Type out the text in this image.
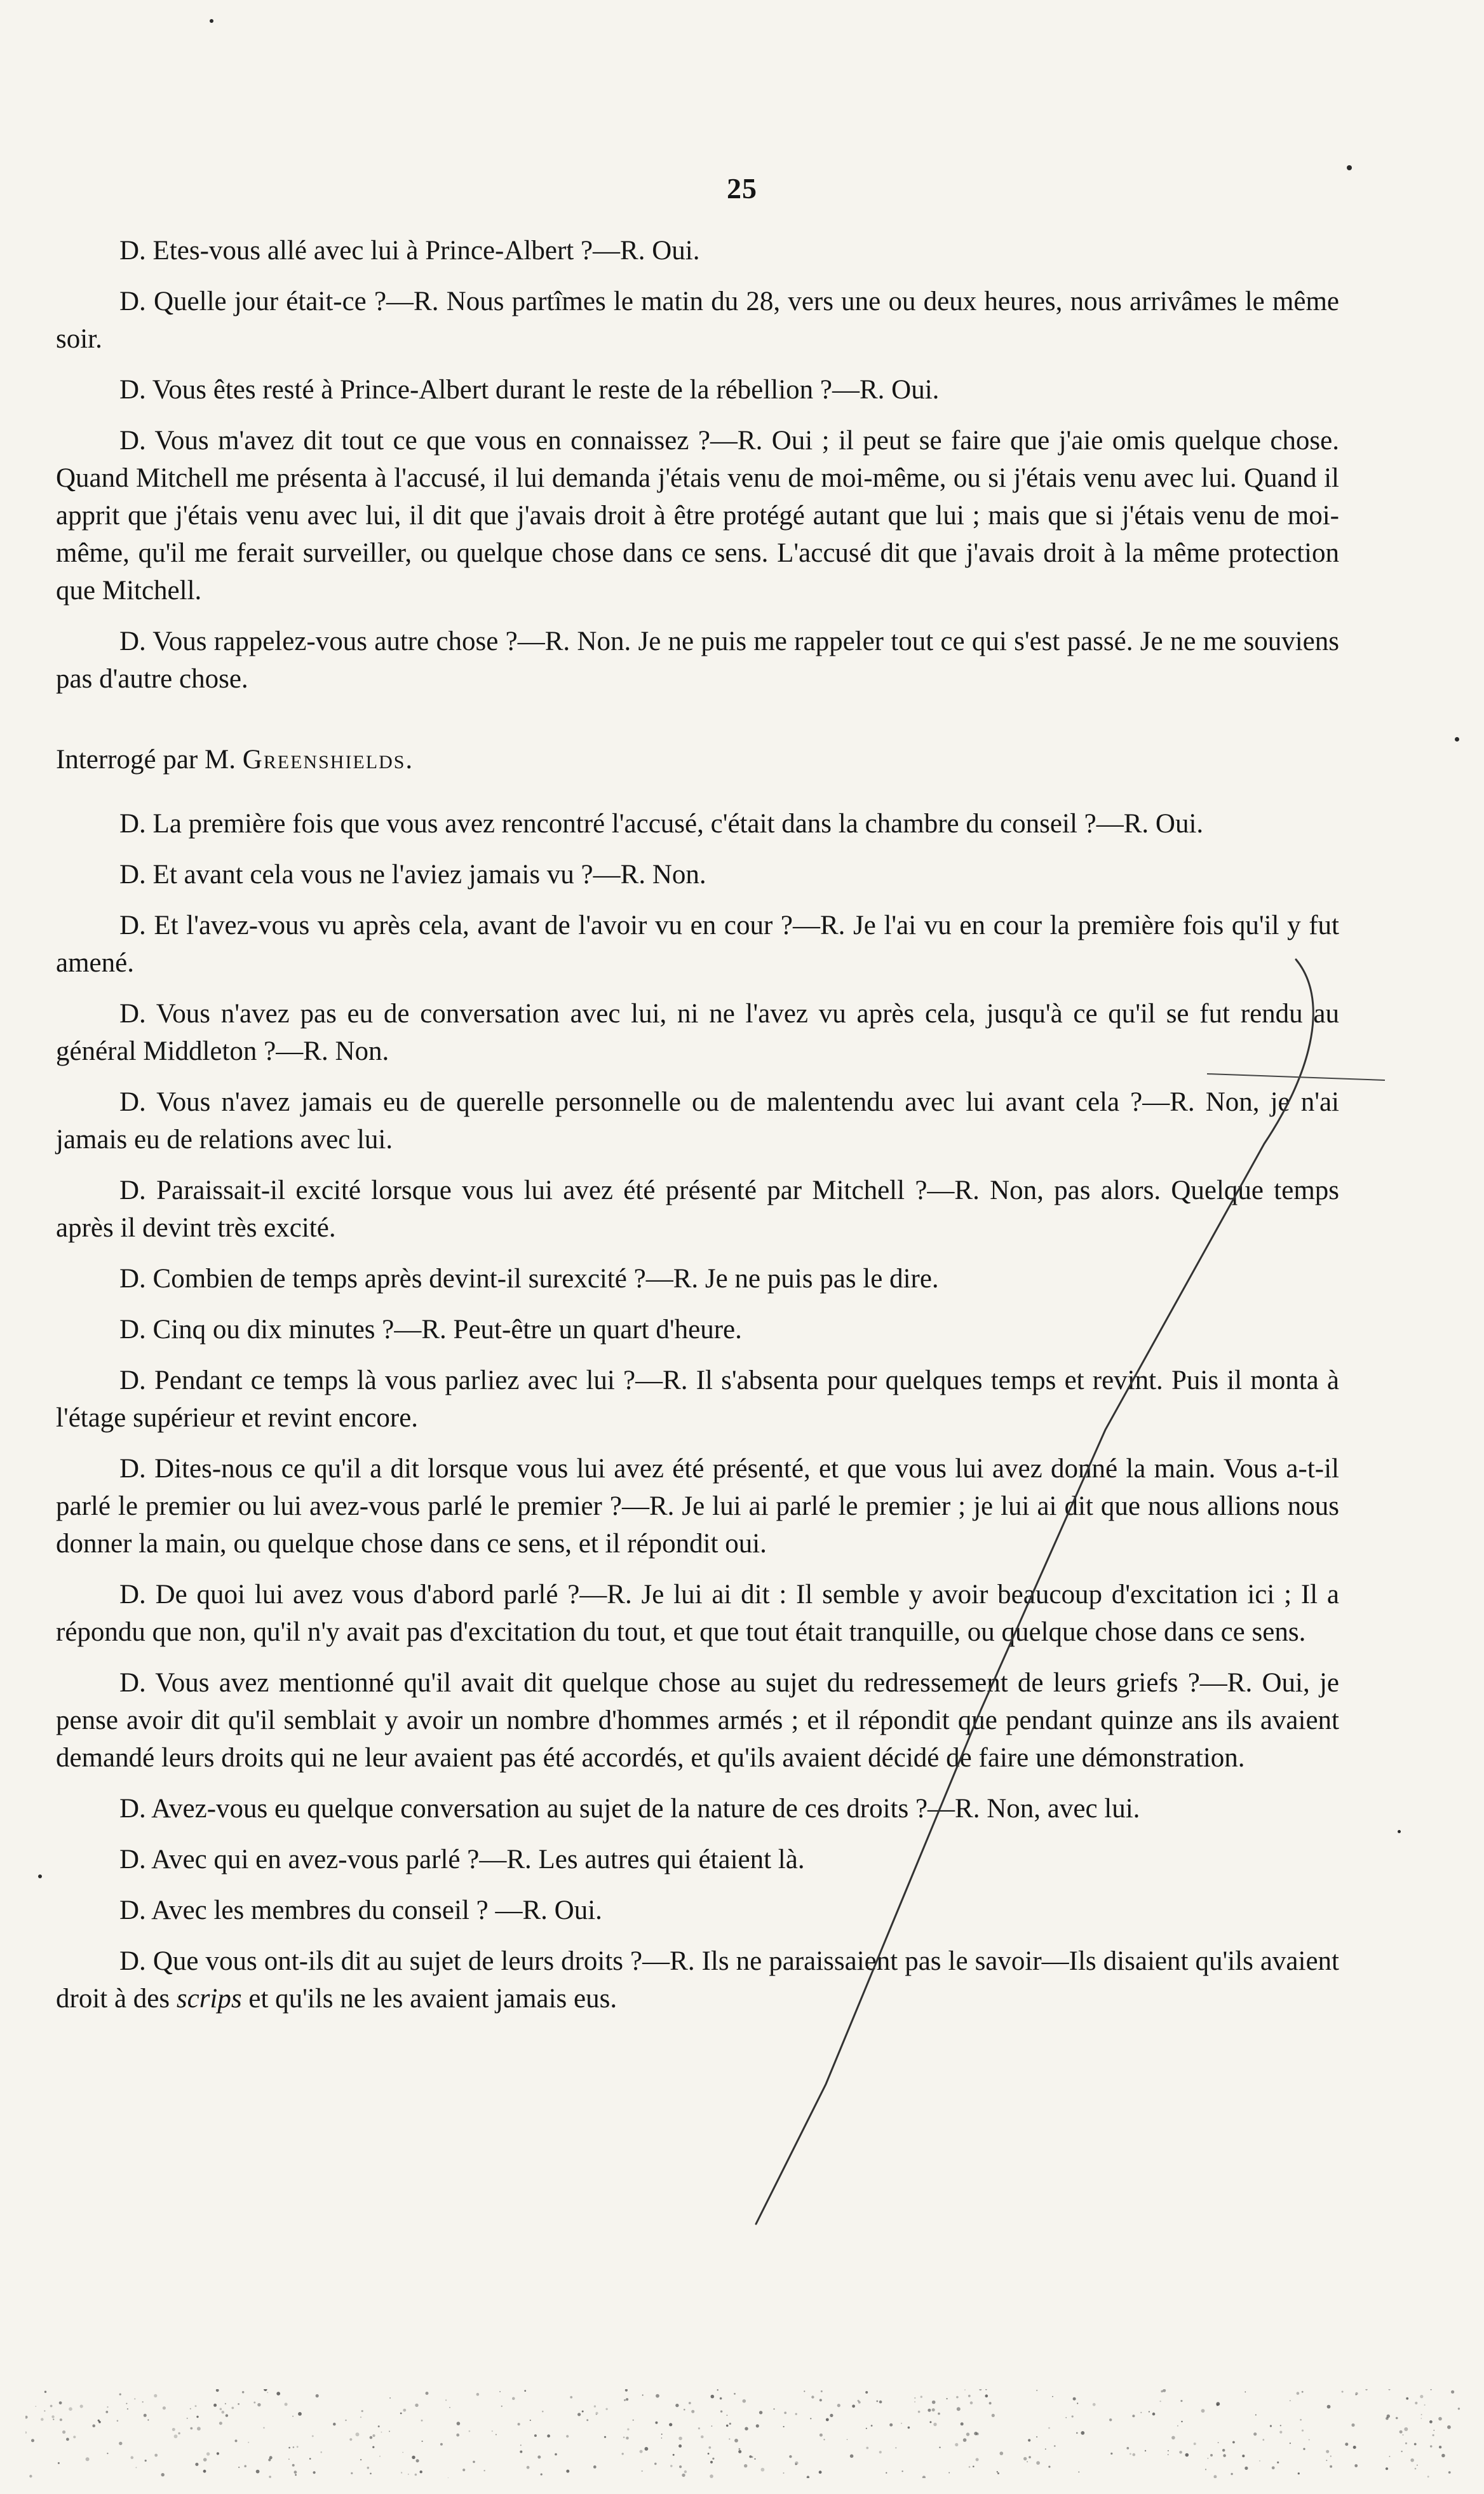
25

D. Etes-vous allé avec lui à Prince-Albert ?—R. Oui.

D. Quelle jour était-ce ?—R. Nous partîmes le matin du 28, vers une ou deux heures, nous arrivâmes le même soir.

D. Vous êtes resté à Prince-Albert durant le reste de la rébellion ?—R. Oui.

D. Vous m'avez dit tout ce que vous en connaissez ?—R. Oui ; il peut se faire que j'aie omis quelque chose. Quand Mitchell me présenta à l'accusé, il lui demanda j'étais venu de moi-même, ou si j'étais venu avec lui. Quand il apprit que j'étais venu avec lui, il dit que j'avais droit à être protégé autant que lui ; mais que si j'étais venu de moi-même, qu'il me ferait surveiller, ou quelque chose dans ce sens. L'accusé dit que j'avais droit à la même protection que Mitchell.

D. Vous rappelez-vous autre chose ?—R. Non. Je ne puis me rappeler tout ce qui s'est passé. Je ne me souviens pas d'autre chose.

Interrogé par M. Greenshields.

D. La première fois que vous avez rencontré l'accusé, c'était dans la chambre du conseil ?—R. Oui.

D. Et avant cela vous ne l'aviez jamais vu ?—R. Non.

D. Et l'avez-vous vu après cela, avant de l'avoir vu en cour ?—R. Je l'ai vu en cour la première fois qu'il y fut amené.

D. Vous n'avez pas eu de conversation avec lui, ni ne l'avez vu après cela, jusqu'à ce qu'il se fut rendu au général Middleton ?—R. Non.

D. Vous n'avez jamais eu de querelle personnelle ou de malentendu avec lui avant cela ?—R. Non, je n'ai jamais eu de relations avec lui.

D. Paraissait-il excité lorsque vous lui avez été présenté par Mitchell ?—R. Non, pas alors. Quelque temps après il devint très excité.

D. Combien de temps après devint-il surexcité ?—R. Je ne puis pas le dire.

D. Cinq ou dix minutes ?—R. Peut-être un quart d'heure.

D. Pendant ce temps là vous parliez avec lui ?—R. Il s'absenta pour quelques temps et revint. Puis il monta à l'étage supérieur et revint encore.

D. Dites-nous ce qu'il a dit lorsque vous lui avez été présenté, et que vous lui avez donné la main. Vous a-t-il parlé le premier ou lui avez-vous parlé le premier ?—R. Je lui ai parlé le premier ; je lui ai dit que nous allions nous donner la main, ou quelque chose dans ce sens, et il répondit oui.

D. De quoi lui avez vous d'abord parlé ?—R. Je lui ai dit : Il semble y avoir beaucoup d'excitation ici ; Il a répondu que non, qu'il n'y avait pas d'excitation du tout, et que tout était tranquille, ou quelque chose dans ce sens.

D. Vous avez mentionné qu'il avait dit quelque chose au sujet du redressement de leurs griefs ?—R. Oui, je pense avoir dit qu'il semblait y avoir un nombre d'hommes armés ; et il répondit que pendant quinze ans ils avaient demandé leurs droits qui ne leur avaient pas été accordés, et qu'ils avaient décidé de faire une démonstration.

D. Avez-vous eu quelque conversation au sujet de la nature de ces droits ?—R. Non, avec lui.

D. Avec qui en avez-vous parlé ?—R. Les autres qui étaient là.

D. Avec les membres du conseil ? —R. Oui.

D. Que vous ont-ils dit au sujet de leurs droits ?—R. Ils ne paraissaient pas le savoir—Ils disaient qu'ils avaient droit à des scrips et qu'ils ne les avaient jamais eus.
